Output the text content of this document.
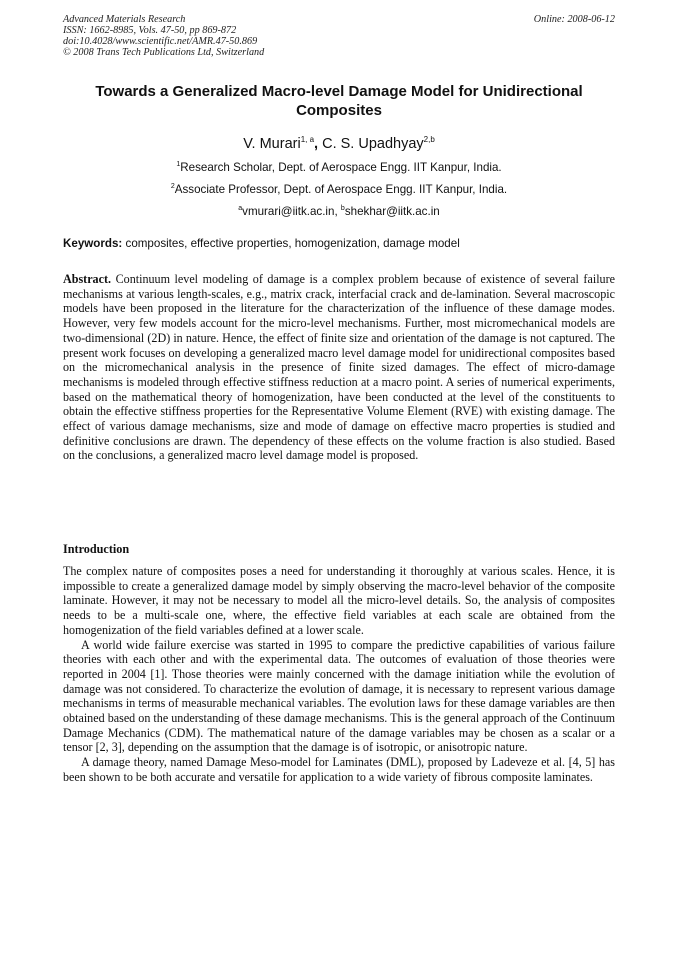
Advanced Materials Research
ISSN: 1662-8985, Vols. 47-50, pp 869-872
doi:10.4028/www.scientific.net/AMR.47-50.869
© 2008 Trans Tech Publications Ltd, Switzerland
Online: 2008-06-12
Towards a Generalized Macro-level Damage Model for Unidirectional Composites
V. Murari$^{1, a}$, C. S. Upadhyay$^{2,b}$
$^1$Research Scholar, Dept. of Aerospace Engg. IIT Kanpur, India.
$^2$Associate Professor, Dept. of Aerospace Engg. IIT Kanpur, India.
$^a$vmurari@iitk.ac.in, $^b$shekhar@iitk.ac.in
Keywords: composites, effective properties, homogenization, damage model
Abstract. Continuum level modeling of damage is a complex problem because of existence of several failure mechanisms at various length-scales, e.g., matrix crack, interfacial crack and de-lamination. Several macroscopic models have been proposed in the literature for the characterization of the influence of these damage modes. However, very few models account for the micro-level mechanisms. Further, most micromechanical models are two-dimensional (2D) in nature. Hence, the effect of finite size and orientation of the damage is not captured. The present work focuses on developing a generalized macro level damage model for unidirectional composites based on the micromechanical analysis in the presence of finite sized damages. The effect of micro-damage mechanisms is modeled through effective stiffness reduction at a macro point. A series of numerical experiments, based on the mathematical theory of homogenization, have been conducted at the level of the constituents to obtain the effective stiffness properties for the Representative Volume Element (RVE) with existing damage. The effect of various damage mechanisms, size and mode of damage on effective macro properties is studied and definitive conclusions are drawn. The dependency of these effects on the volume fraction is also studied. Based on the conclusions, a generalized macro level damage model is proposed.
Introduction
The complex nature of composites poses a need for understanding it thoroughly at various scales. Hence, it is impossible to create a generalized damage model by simply observing the macro-level behavior of the composite laminate. However, it may not be necessary to model all the micro-level details. So, the analysis of composites needs to be a multi-scale one, where, the effective field variables at each scale are obtained from the homogenization of the field variables defined at a lower scale.
A world wide failure exercise was started in 1995 to compare the predictive capabilities of various failure theories with each other and with the experimental data. The outcomes of evaluation of those theories were reported in 2004 [1]. Those theories were mainly concerned with the damage initiation while the evolution of damage was not considered. To characterize the evolution of damage, it is necessary to represent various damage mechanisms in terms of measurable mechanical variables. The evolution laws for these damage variables are then obtained based on the understanding of these damage mechanisms. This is the general approach of the Continuum Damage Mechanics (CDM). The mathematical nature of the damage variables may be chosen as a scalar or a tensor [2, 3], depending on the assumption that the damage is of isotropic, or anisotropic nature.
A damage theory, named Damage Meso-model for Laminates (DML), proposed by Ladeveze et al. [4, 5] has been shown to be both accurate and versatile for application to a wide variety of fibrous composite laminates.
